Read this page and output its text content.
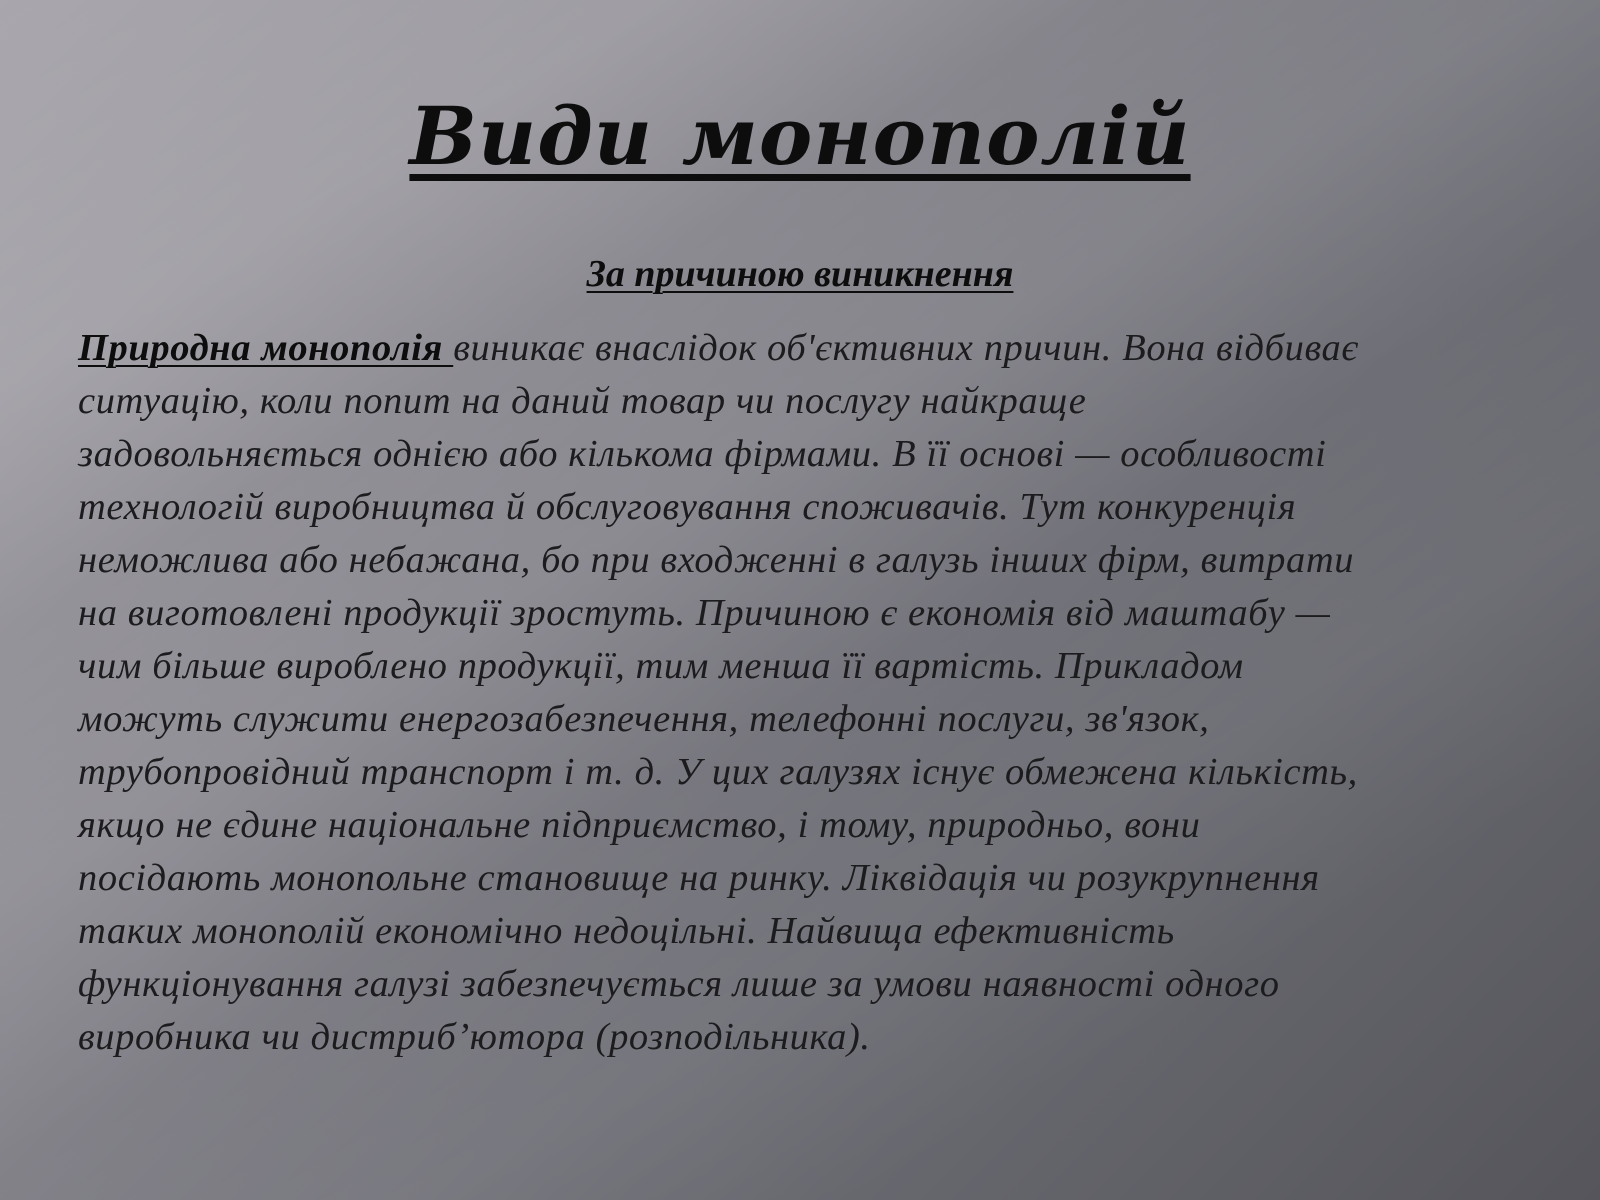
Види монополій
За причиною виникнення

Природна монополія виникає внаслідок об'єктивних причин. Вона відбиває
ситуацію, коли попит на даний товар чи послугу найкраще
задовольняється однією або кількома фірмами. В її основі — особливості
технологій виробництва й обслуговування споживачів. Тут конкуренція
неможлива або небажана, бо при входженні в галузь інших фірм, витрати
на виготовлені продукції зростуть. Причиною є економія від маштабу —
чим більше вироблено продукції, тим менша її вартість. Прикладом
можуть служити енергозабезпечення, телефонні послуги, зв'язок,
трубопровідний транспорт і т. д. У цих галузях існує обмежена кількість,
якщо не єдине національне підприємство, і тому, природньо, вони
посідають монопольне становище на ринку. Ліквідація чи розукрупнення
таких монополій економічно недоцільні. Найвища ефективність
функціонування галузі забезпечується лише за умови наявності одного
виробника чи дистриб’ютора (розподільника).
